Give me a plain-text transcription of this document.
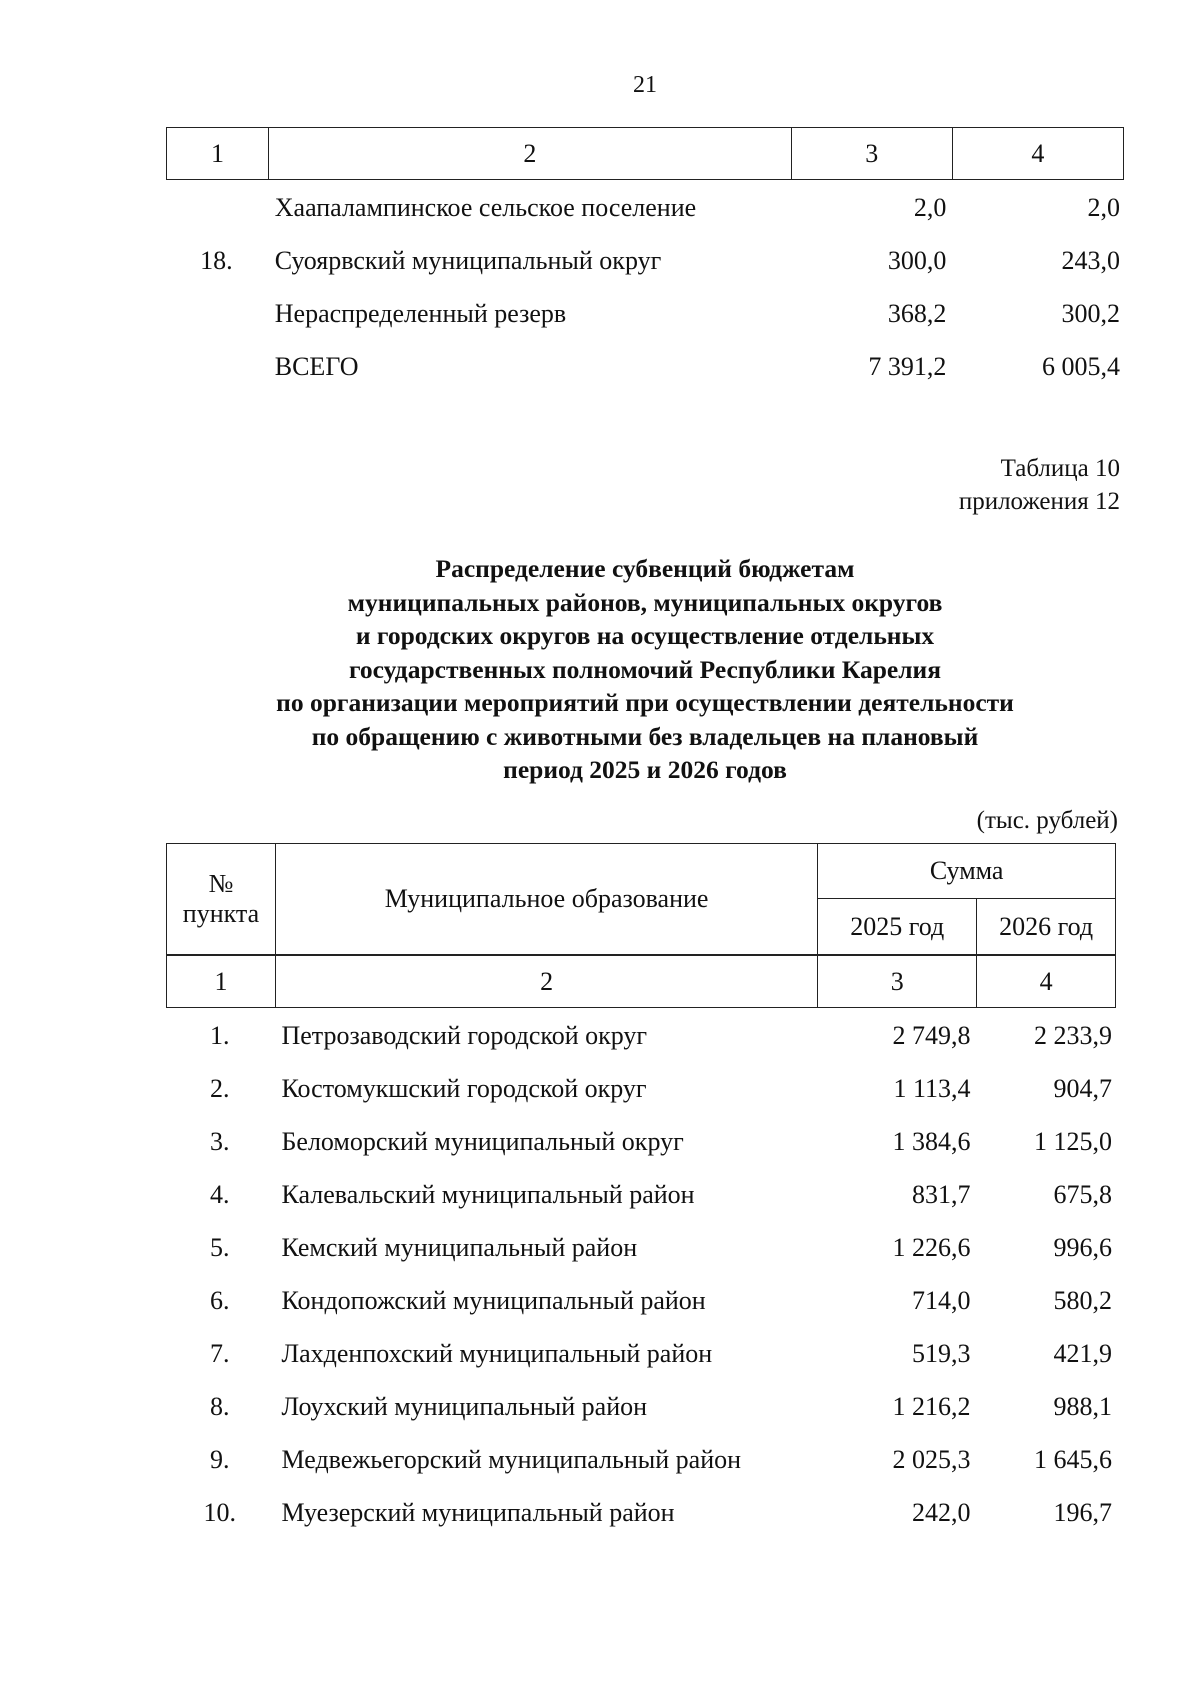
21
1	2	3	4
	Хаапалампинское сельское поселение	2,0	2,0
18.	Суоярвский муниципальный округ	300,0	243,0
	Нераспределенный резерв	368,2	300,2
	ВСЕГО	7 391,2	6 005,4
Таблица 10
приложения 12
Распределение субвенций бюджетам
муниципальных районов, муниципальных округов
и городских округов на осуществление отдельных
государственных полномочий Республики Карелия
по организации мероприятий при осуществлении деятельности
по обращению с животными без владельцев на плановый
период 2025 и 2026 годов
(тыс. рублей)
№
пункта	Муниципальное образование	Сумма	
		2025 год	2026 год
1	2	3	4
1.	Петрозаводский городской округ	2 749,8	2 233,9
2.	Костомукшский городской округ	1 113,4	904,7
3.	Беломорский муниципальный округ	1 384,6	1 125,0
4.	Калевальский муниципальный район	831,7	675,8
5.	Кемский муниципальный район	1 226,6	996,6
6.	Кондопожский муниципальный район	714,0	580,2
7.	Лахденпохский муниципальный район	519,3	421,9
8.	Лоухский муниципальный район	1 216,2	988,1
9.	Медвежьегорский муниципальный район	2 025,3	1 645,6
10.	Муезерский муниципальный район	242,0	196,7
